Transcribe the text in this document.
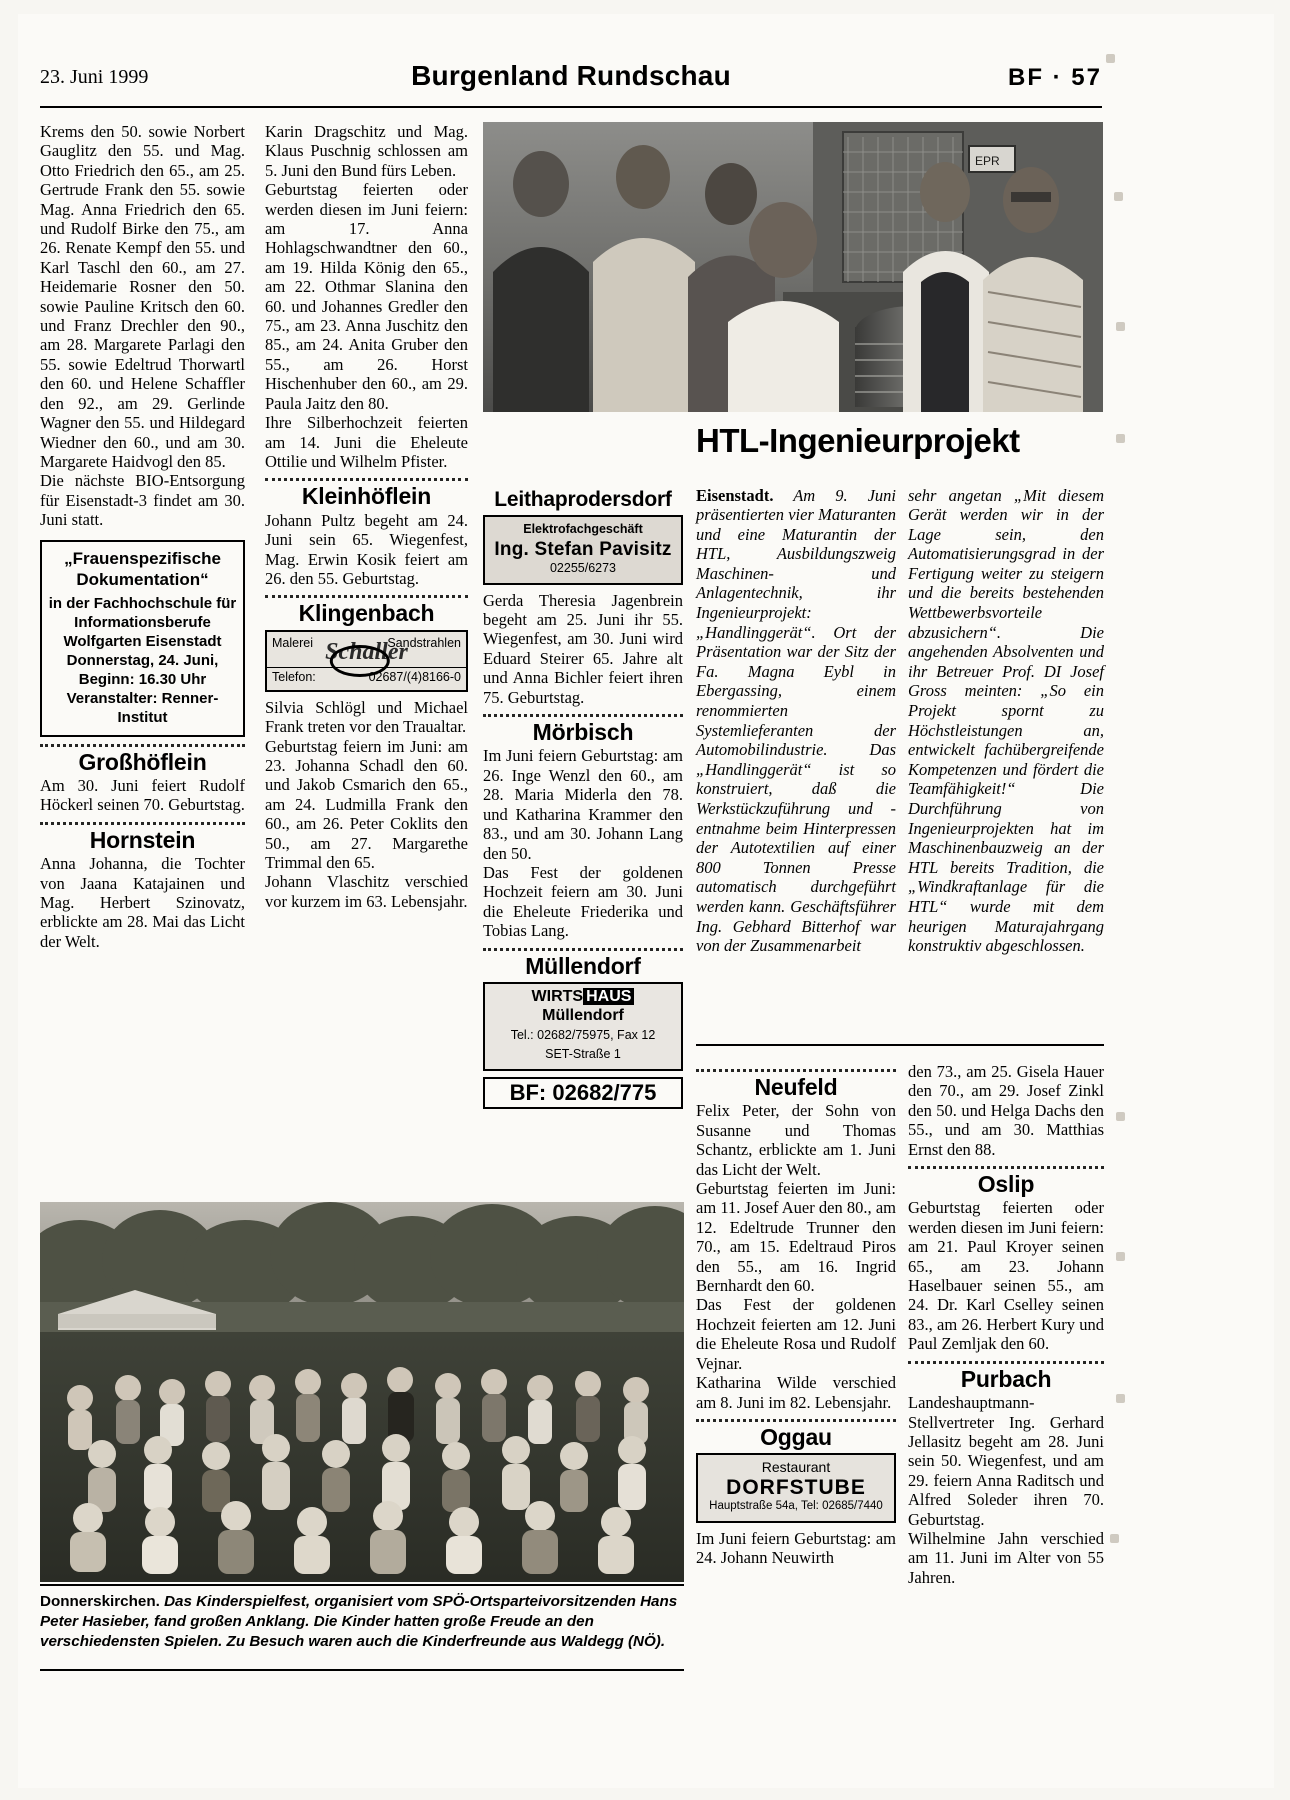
23. Juni 1999	Burgenland Rundschau	BF · 57

Krems den 50. sowie Norbert Gauglitz den 55. und Mag. Otto Friedrich den 65., am 25. Gertrude Frank den 55. sowie Mag. Anna Friedrich den 65. und Rudolf Birke den 75., am 26. Renate Kempf den 55. und Karl Taschl den 60., am 27. Heidemarie Rosner den 50. sowie Pauline Kritsch den 60. und Franz Drechler den 90., am 28. Margarete Parlagi den 55. sowie Edeltrud Thorwartl den 60. und Helene Schaffler den 92., am 29. Gerlinde Wagner den 55. und Hildegard Wiedner den 60., und am 30. Margarete Haidvogl den 85.

Die nächste BIO-Entsorgung für Eisenstadt-3 findet am 30. Juni statt.

„Frauenspezifische Dokumentation“
in der Fachhochschule für Informationsberufe Wolfgarten Eisenstadt Donnerstag, 24. Juni, Beginn: 16.30 Uhr Veranstalter: Renner-Institut
Großhöflein

Am 30. Juni feiert Rudolf Höckerl seinen 70. Geburtstag.

Hornstein

Anna Johanna, die Tochter von Jaana Katajainen und Mag. Herbert Szinovatz, erblickte am 28. Mai das Licht der Welt.

Karin Dragschitz und Mag. Klaus Puschnig schlossen am 5. Juni den Bund fürs Leben.

Geburtstag feierten oder werden diesen im Juni feiern: am 17. Anna Hohlagschwandtner den 60., am 19. Hilda König den 65., am 22. Othmar Slanina den 60. und Johannes Gredler den 75., am 23. Anna Juschitz den 85., am 24. Anita Gruber den 55., am 26. Horst Hischenhuber den 60., am 29. Paula Jaitz den 80.

Ihre Silberhochzeit feierten am 14. Juni die Eheleute Ottilie und Wilhelm Pfister.

Kleinhöflein

Johann Pultz begeht am 24. Juni sein 65. Wiegenfest, Mag. Erwin Kosik feiert am 26. den 55. Geburtstag.

Klingenbach
Malerei	Sandstrahlen
Schaller
Telefon:	02687/(4)8166-0

Silvia Schlögl und Michael Frank treten vor den Traualtar.

Geburtstag feiern im Juni: am 23. Johanna Schadl den 60. und Jakob Csmarich den 65., am 24. Ludmilla Frank den 60., am 26. Peter Coklits den 50., am 27. Margarethe Trimmal den 65.

Johann Vlaschitz verschied vor kurzem im 63. Lebensjahr.

EPR
HTL-Ingenieurprojekt
Leithaprodersdorf
Elektrofachgeschäft
Ing. Stefan Pavisitz
02255/6273

Gerda Theresia Jagenbrein begeht am 25. Juni ihr 55. Wiegenfest, am 30. Juni wird Eduard Steirer 65. Jahre alt und Anna Bichler feiert ihren 75. Geburtstag.

Mörbisch

Im Juni feiern Geburtstag: am 26. Inge Wenzl den 60., am 28. Maria Miderla den 78. und Katharina Krammer den 83., und am 30. Johann Lang den 50.

Das Fest der goldenen Hochzeit feiern am 30. Juni die Eheleute Friederika und Tobias Lang.

Müllendorf
WIRTS HAUS Müllendorf
Tel.: 02682/75975, Fax 12
SET-Straße 1
BF: 02682/775

Eisenstadt. Am 9. Juni präsentierten vier Maturanten und eine Maturantin der HTL, Ausbildungszweig Maschinen- und Anlagentechnik, ihr Ingenieurprojekt: „Handlinggerät“. Ort der Präsentation war der Sitz der Fa. Magna Eybl in Ebergassing, einem renommierten Systemlieferanten der Automobilindustrie. Das „Handlinggerät“ ist so konstruiert, daß die Werkstückzuführung und -entnahme beim Hinterpressen der Autotextilien auf einer 800 Tonnen Presse automatisch durchgeführt werden kann. Geschäftsführer Ing. Gebhard Bitterhof war von der Zusammenarbeit

sehr angetan „Mit diesem Gerät werden wir in der Lage sein, den Automatisierungsgrad in der Fertigung weiter zu steigern und die bereits bestehenden Wettbewerbsvorteile abzusichern“. Die angehenden Absolventen und ihr Betreuer Prof. DI Josef Gross meinten: „So ein Projekt spornt zu Höchstleistungen an, entwickelt fachübergreifende Kompetenzen und fördert die Teamfähigkeit!“ Die Durchführung von Ingenieurprojekten hat im Maschinenbauzweig an der HTL bereits Tradition, die „Windkraftanlage für die HTL“ wurde mit dem heurigen Maturajahrgang konstruktiv abgeschlossen.

Neufeld

Felix Peter, der Sohn von Susanne und Thomas Schantz, erblickte am 1. Juni das Licht der Welt.

Geburtstag feierten im Juni: am 11. Josef Auer den 80., am 12. Edeltrude Trunner den 70., am 15. Edeltraud Piros den 55., am 16. Ingrid Bernhardt den 60.

Das Fest der goldenen Hochzeit feierten am 12. Juni die Eheleute Rosa und Rudolf Vejnar.

Katharina Wilde verschied am 8. Juni im 82. Lebensjahr.

Oggau
Restaurant
DORFSTUBE
Hauptstraße 54a, Tel: 02685/7440

Im Juni feiern Geburtstag: am 24. Johann Neuwirth

den 73., am 25. Gisela Hauer den 70., am 29. Josef Zinkl den 50. und Helga Dachs den 55., und am 30. Matthias Ernst den 88.

Oslip

Geburtstag feierten oder werden diesen im Juni feiern: am 21. Paul Kroyer seinen 65., am 23. Johann Haselbauer seinen 55., am 24. Dr. Karl Cselley seinen 83., am 26. Herbert Kury und Paul Zemljak den 60.

Purbach

Landeshauptmann-Stellvertreter Ing. Gerhard Jellasitz begeht am 28. Juni sein 50. Wiegenfest, und am 29. feiern Anna Raditsch und Alfred Soleder ihren 70. Geburtstag.

Wilhelmine Jahn verschied am 11. Juni im Alter von 55 Jahren.

Donnerskirchen. Das Kinderspielfest, organisiert vom SPÖ-Ortsparteivorsitzenden Hans Peter Hasieber, fand großen Anklang. Die Kinder hatten große Freude an den verschiedensten Spielen. Zu Besuch waren auch die Kinderfreunde aus Waldegg (NÖ).
